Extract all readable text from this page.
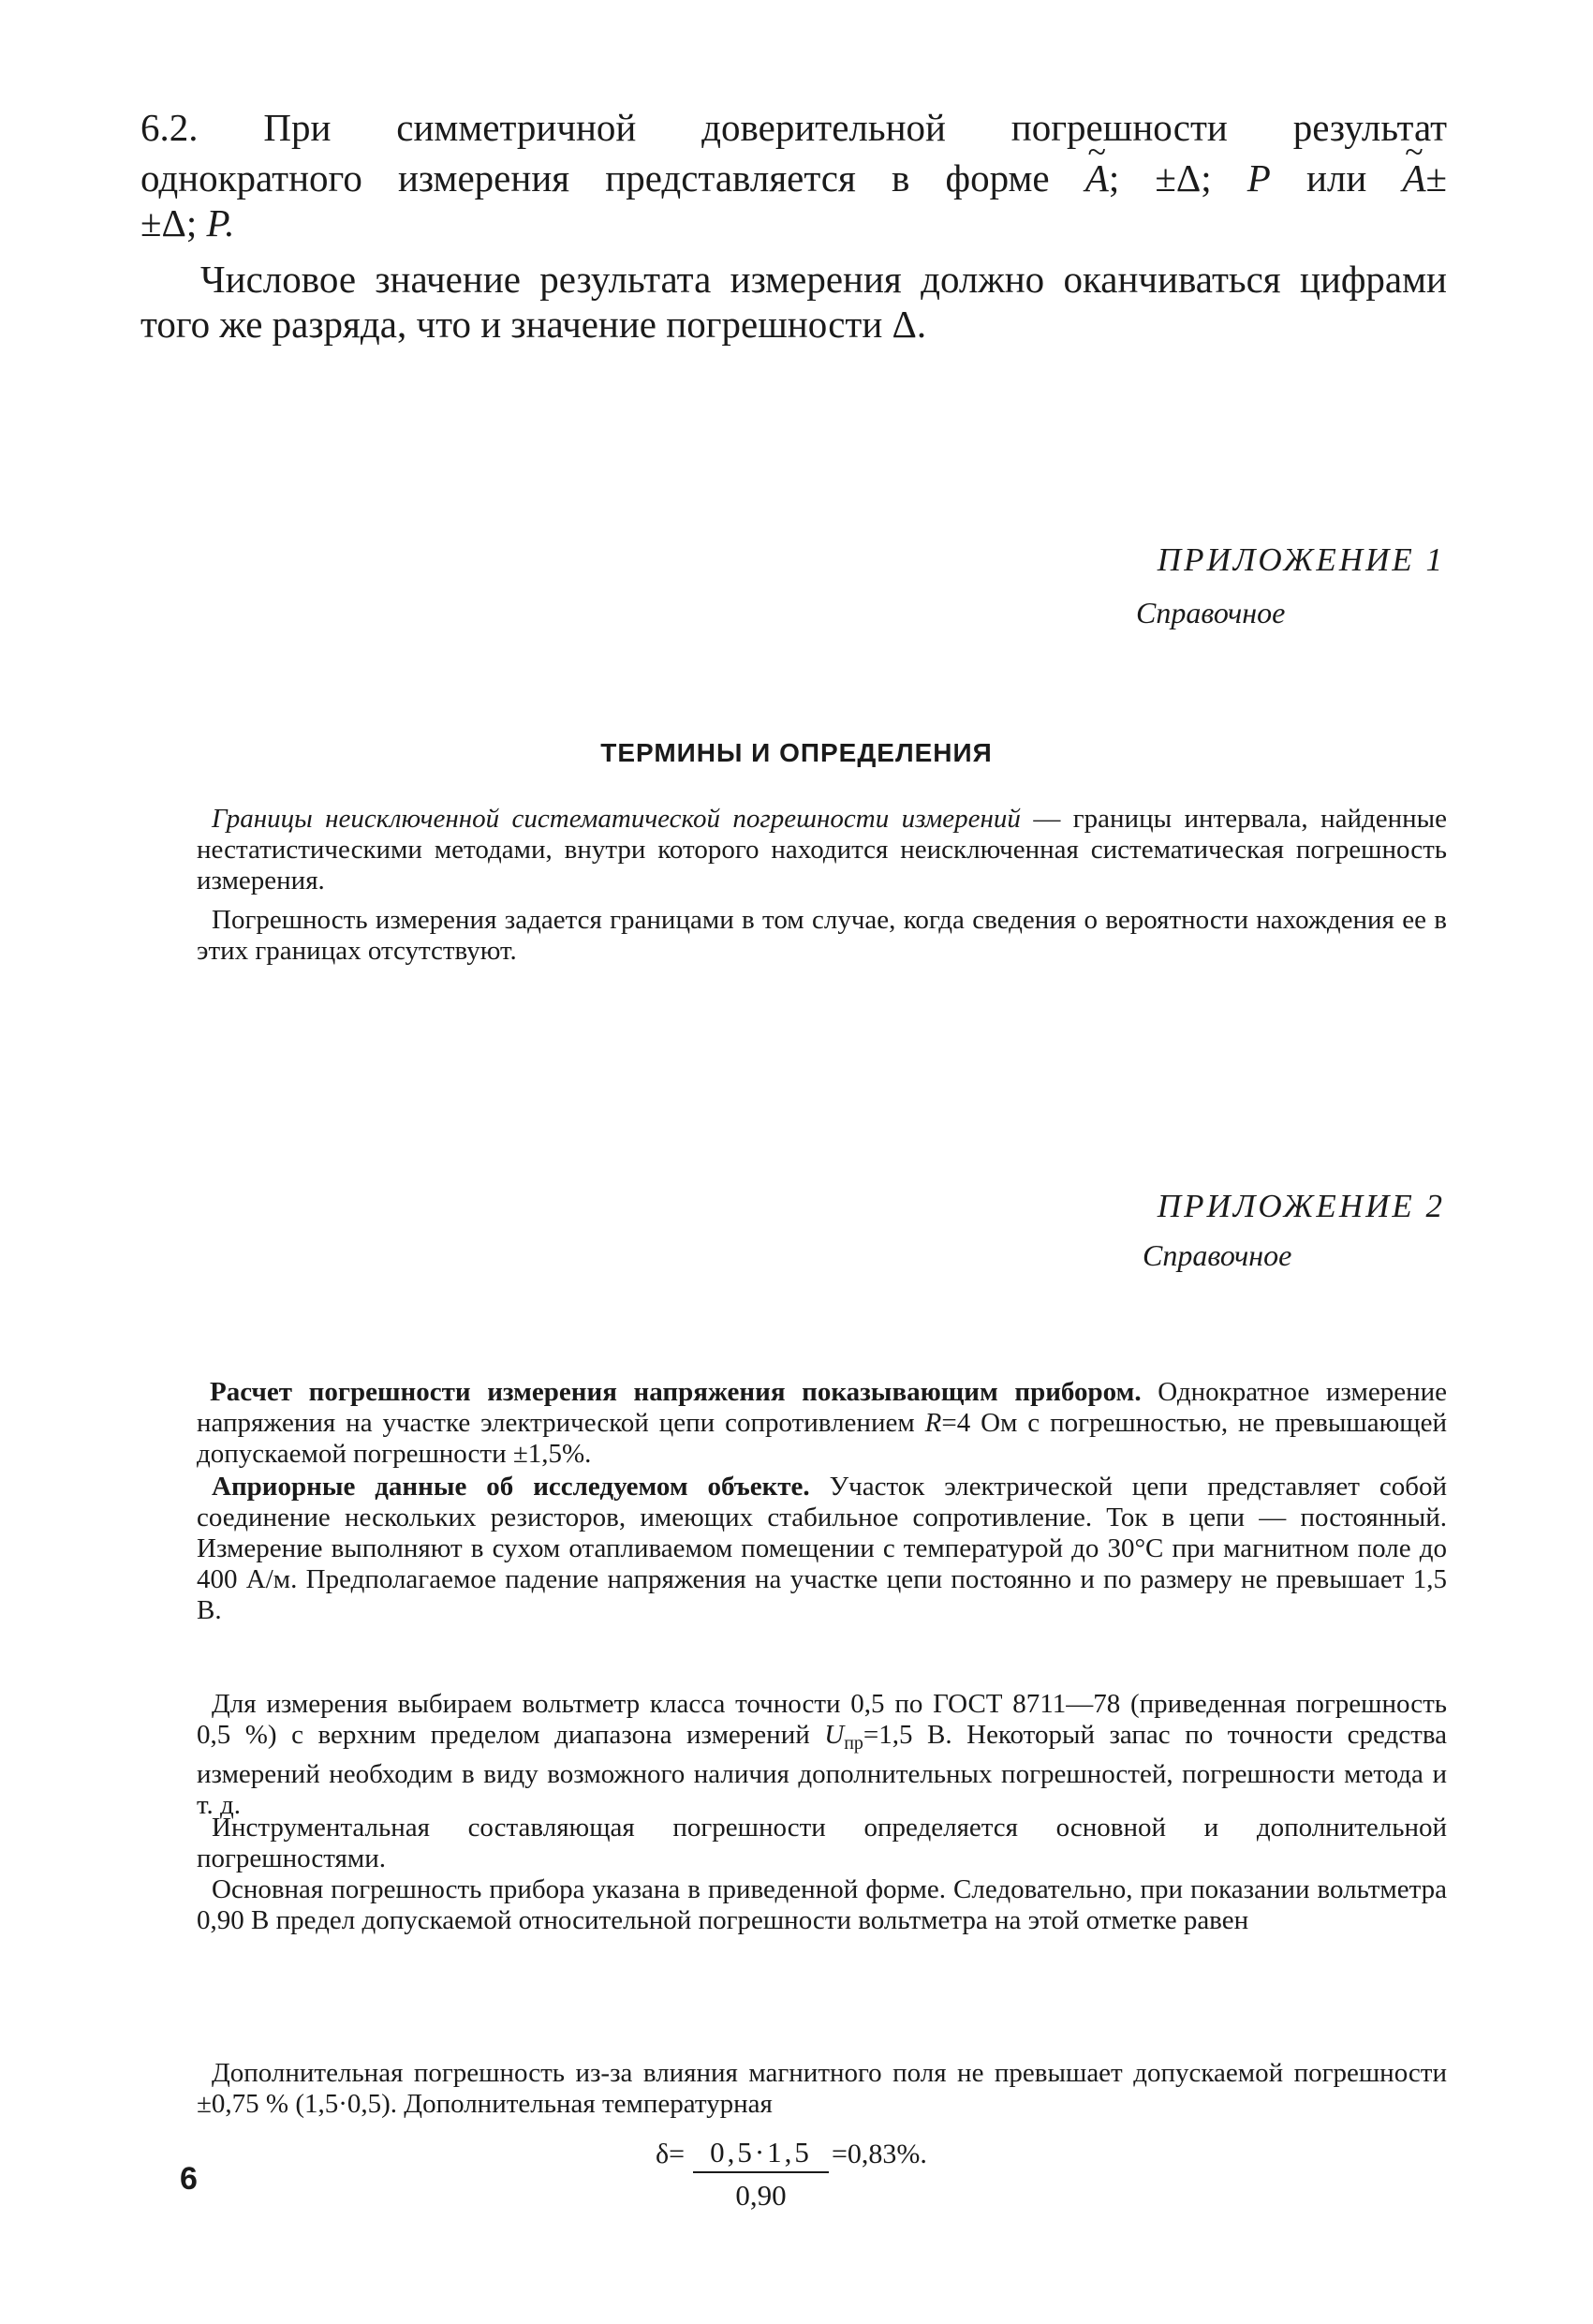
6.2. При симметричной доверительной погрешности результат

однократного измерения представляется в форме ~ A; ±Δ; P или ~ A±

±Δ; P.

Числовое значение результата измерения должно оканчиваться цифрами того же разряда, что и значение погрешности Δ.

ПРИЛОЖЕНИЕ 1

Справочное

ТЕРМИНЫ И ОПРЕДЕЛЕНИЯ

Границы неисключенной систематической погрешности измерений — границы интервала, найденные нестатистическими методами, внутри которого находится неисключенная систематическая погрешность измерения.

Погрешность измерения задается границами в том случае, когда сведения о вероятности нахождения ее в этих границах отсутствуют.

ПРИЛОЖЕНИЕ 2

Справочное

Расчет погрешности измерения напряжения показывающим прибором. Однократное измерение напряжения на участке электрической цепи сопротивлением R=4 Ом с погрешностью, не превышающей допускаемой погрешности ±1,5%.

Априорные данные об исследуемом объекте. Участок электрической цепи представляет собой соединение нескольких резисторов, имеющих стабильное сопротивление. Ток в цепи — постоянный. Измерение выполняют в сухом отапливаемом помещении с температурой до 30°С при магнитном поле до 400 А/м. Предполагаемое падение напряжения на участке цепи постоянно и по размеру не превышает 1,5 В.

Для измерения выбираем вольтметр класса точности 0,5 по ГОСТ 8711—78 (приведенная погрешность 0,5 %) с верхним пределом диапазона измерений $U_{пр}=1,5$ В. Некоторый запас по точности средства измерений необходим в виду возможного наличия дополнительных погрешностей, погрешности метода и т. д.

Инструментальная составляющая погрешности определяется основной и дополнительной погрешностями.

Основная погрешность прибора указана в приведенной форме. Следовательно, при показании вольтметра 0,90 В предел допускаемой относительной погрешности вольтметра на этой отметке равен

$\delta= \frac{0,5\cdot 1,5}{0,90} =0,83\%$.

Дополнительная погрешность из-за влияния магнитного поля не превышает допускаемой погрешности ±0,75 % (1,5·0,5). Дополнительная температурная

6
